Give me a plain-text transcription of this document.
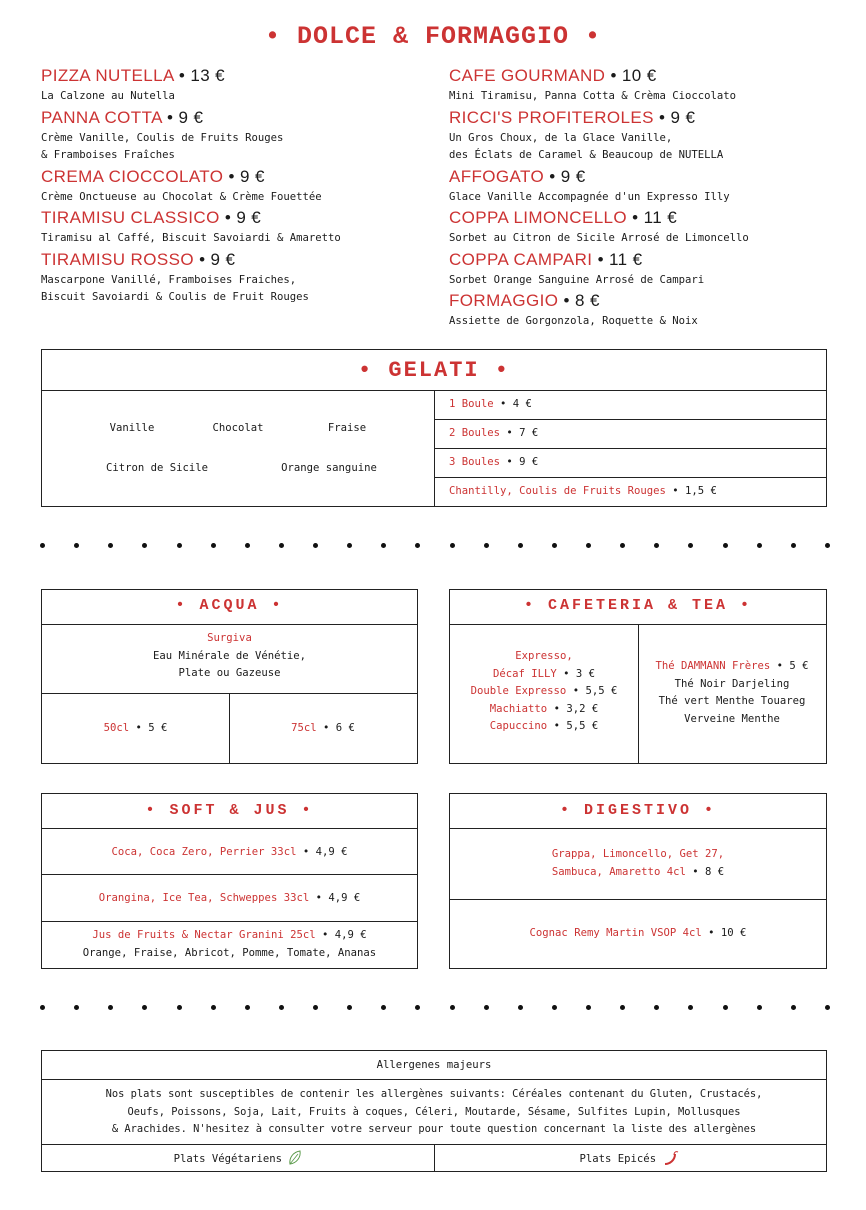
• DOLCE & FORMAGGIO •
PIZZA NUTELLA • 13 €
La Calzone au Nutella
PANNA COTTA • 9 €
Crème Vanille, Coulis de Fruits Rouges
& Framboises Fraîches
CREMA CIOCCOLATO • 9 €
Crème Onctueuse au Chocolat & Crème Fouettée
TIRAMISU CLASSICO • 9 €
Tiramisu al Caffé, Biscuit Savoiardi & Amaretto
TIRAMISU ROSSO • 9 €
Mascarpone Vanillé, Framboises Fraiches,
Biscuit Savoiardi & Coulis de Fruit Rouges
CAFE GOURMAND • 10 €
Mini Tiramisu, Panna Cotta & Crèma Cioccolato
RICCI'S PROFITEROLES • 9 €
Un Gros Choux, de la Glace Vanille,
des Éclats de Caramel & Beaucoup de NUTELLA
AFFOGATO • 9 €
Glace Vanille Accompagnée d'un Expresso Illy
COPPA LIMONCELLO • 11 €
Sorbet au Citron de Sicile Arrosé de Limoncello
COPPA CAMPARI • 11 €
Sorbet Orange Sanguine Arrosé de Campari
FORMAGGIO • 8 €
Assiette de Gorgonzola, Roquette & Noix
• GELATI •
Vanille	Chocolat	Fraise
Citron de Sicile	Orange sanguine
1 Boule • 4 €
2 Boules • 7 €
3 Boules • 9 €
Chantilly, Coulis de Fruits Rouges • 1,5 €
• ACQUA •
Surgiva
Eau Minérale de Vénétie,
Plate ou Gazeuse
50cl • 5 €	75cl • 6 €
• CAFETERIA & TEA •
Expresso,
Décaf ILLY • 3 €
Double Expresso • 5,5 €
Machiatto • 3,2 €
Capuccino • 5,5 €
Thé DAMMANN Frères • 5 €
Thé Noir Darjeling
Thé vert Menthe Touareg
Verveine Menthe
• SOFT & JUS •
Coca, Coca Zero, Perrier 33cl • 4,9 €
Orangina, Ice Tea, Schweppes 33cl • 4,9 €
Jus de Fruits & Nectar Granini 25cl • 4,9 €
Orange, Fraise, Abricot, Pomme, Tomate, Ananas
• DIGESTIVO •
Grappa, Limoncello, Get 27,
Sambuca, Amaretto 4cl • 8 €
Cognac Remy Martin VSOP 4cl • 10 €
Allergenes majeurs
Nos plats sont susceptibles de contenir les allergènes suivants: Céréales contenant du Gluten, Crustacés,
Oeufs, Poissons, Soja, Lait, Fruits à coques, Céleri, Moutarde, Sésame, Sulfites Lupin, Mollusques
& Arachides. N'hesitez à consulter votre serveur pour toute question concernant la liste des allergènes
Plats Végétariens	Plats Epicés
